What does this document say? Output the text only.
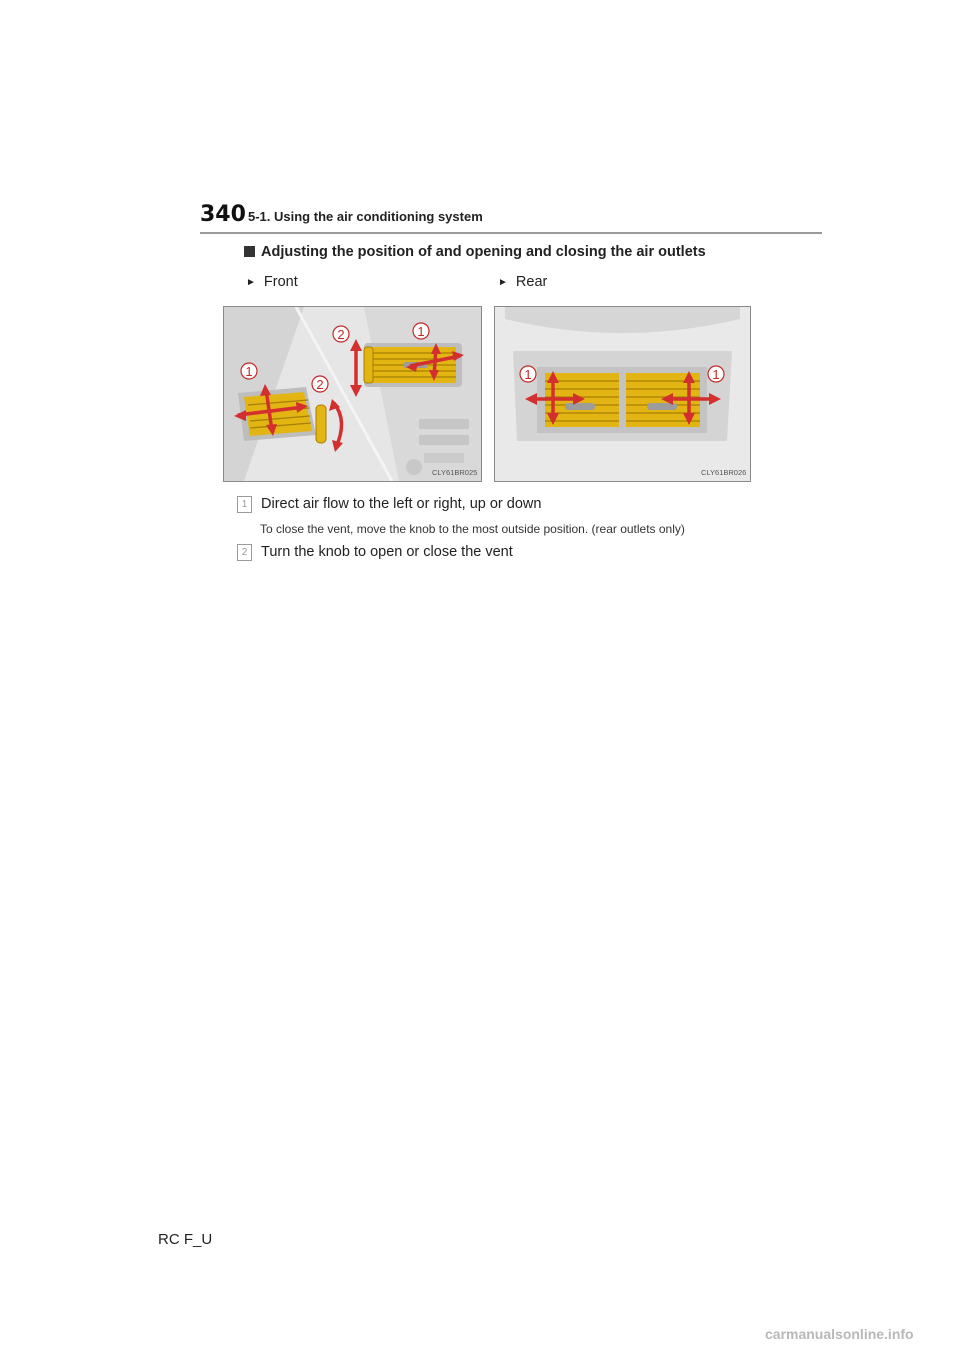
340 5-1. Using the air conditioning system
Adjusting the position of and opening and closing the air outlets
► Front	► Rear
2	1
1
2
CLY61BR025
1	1
CLY61BR026
1 Direct air flow to the left or right, up or down
To close the vent, move the knob to the most outside position. (rear outlets only)
2 Turn the knob to open or close the vent
RC F_U
carmanualsonline.info
